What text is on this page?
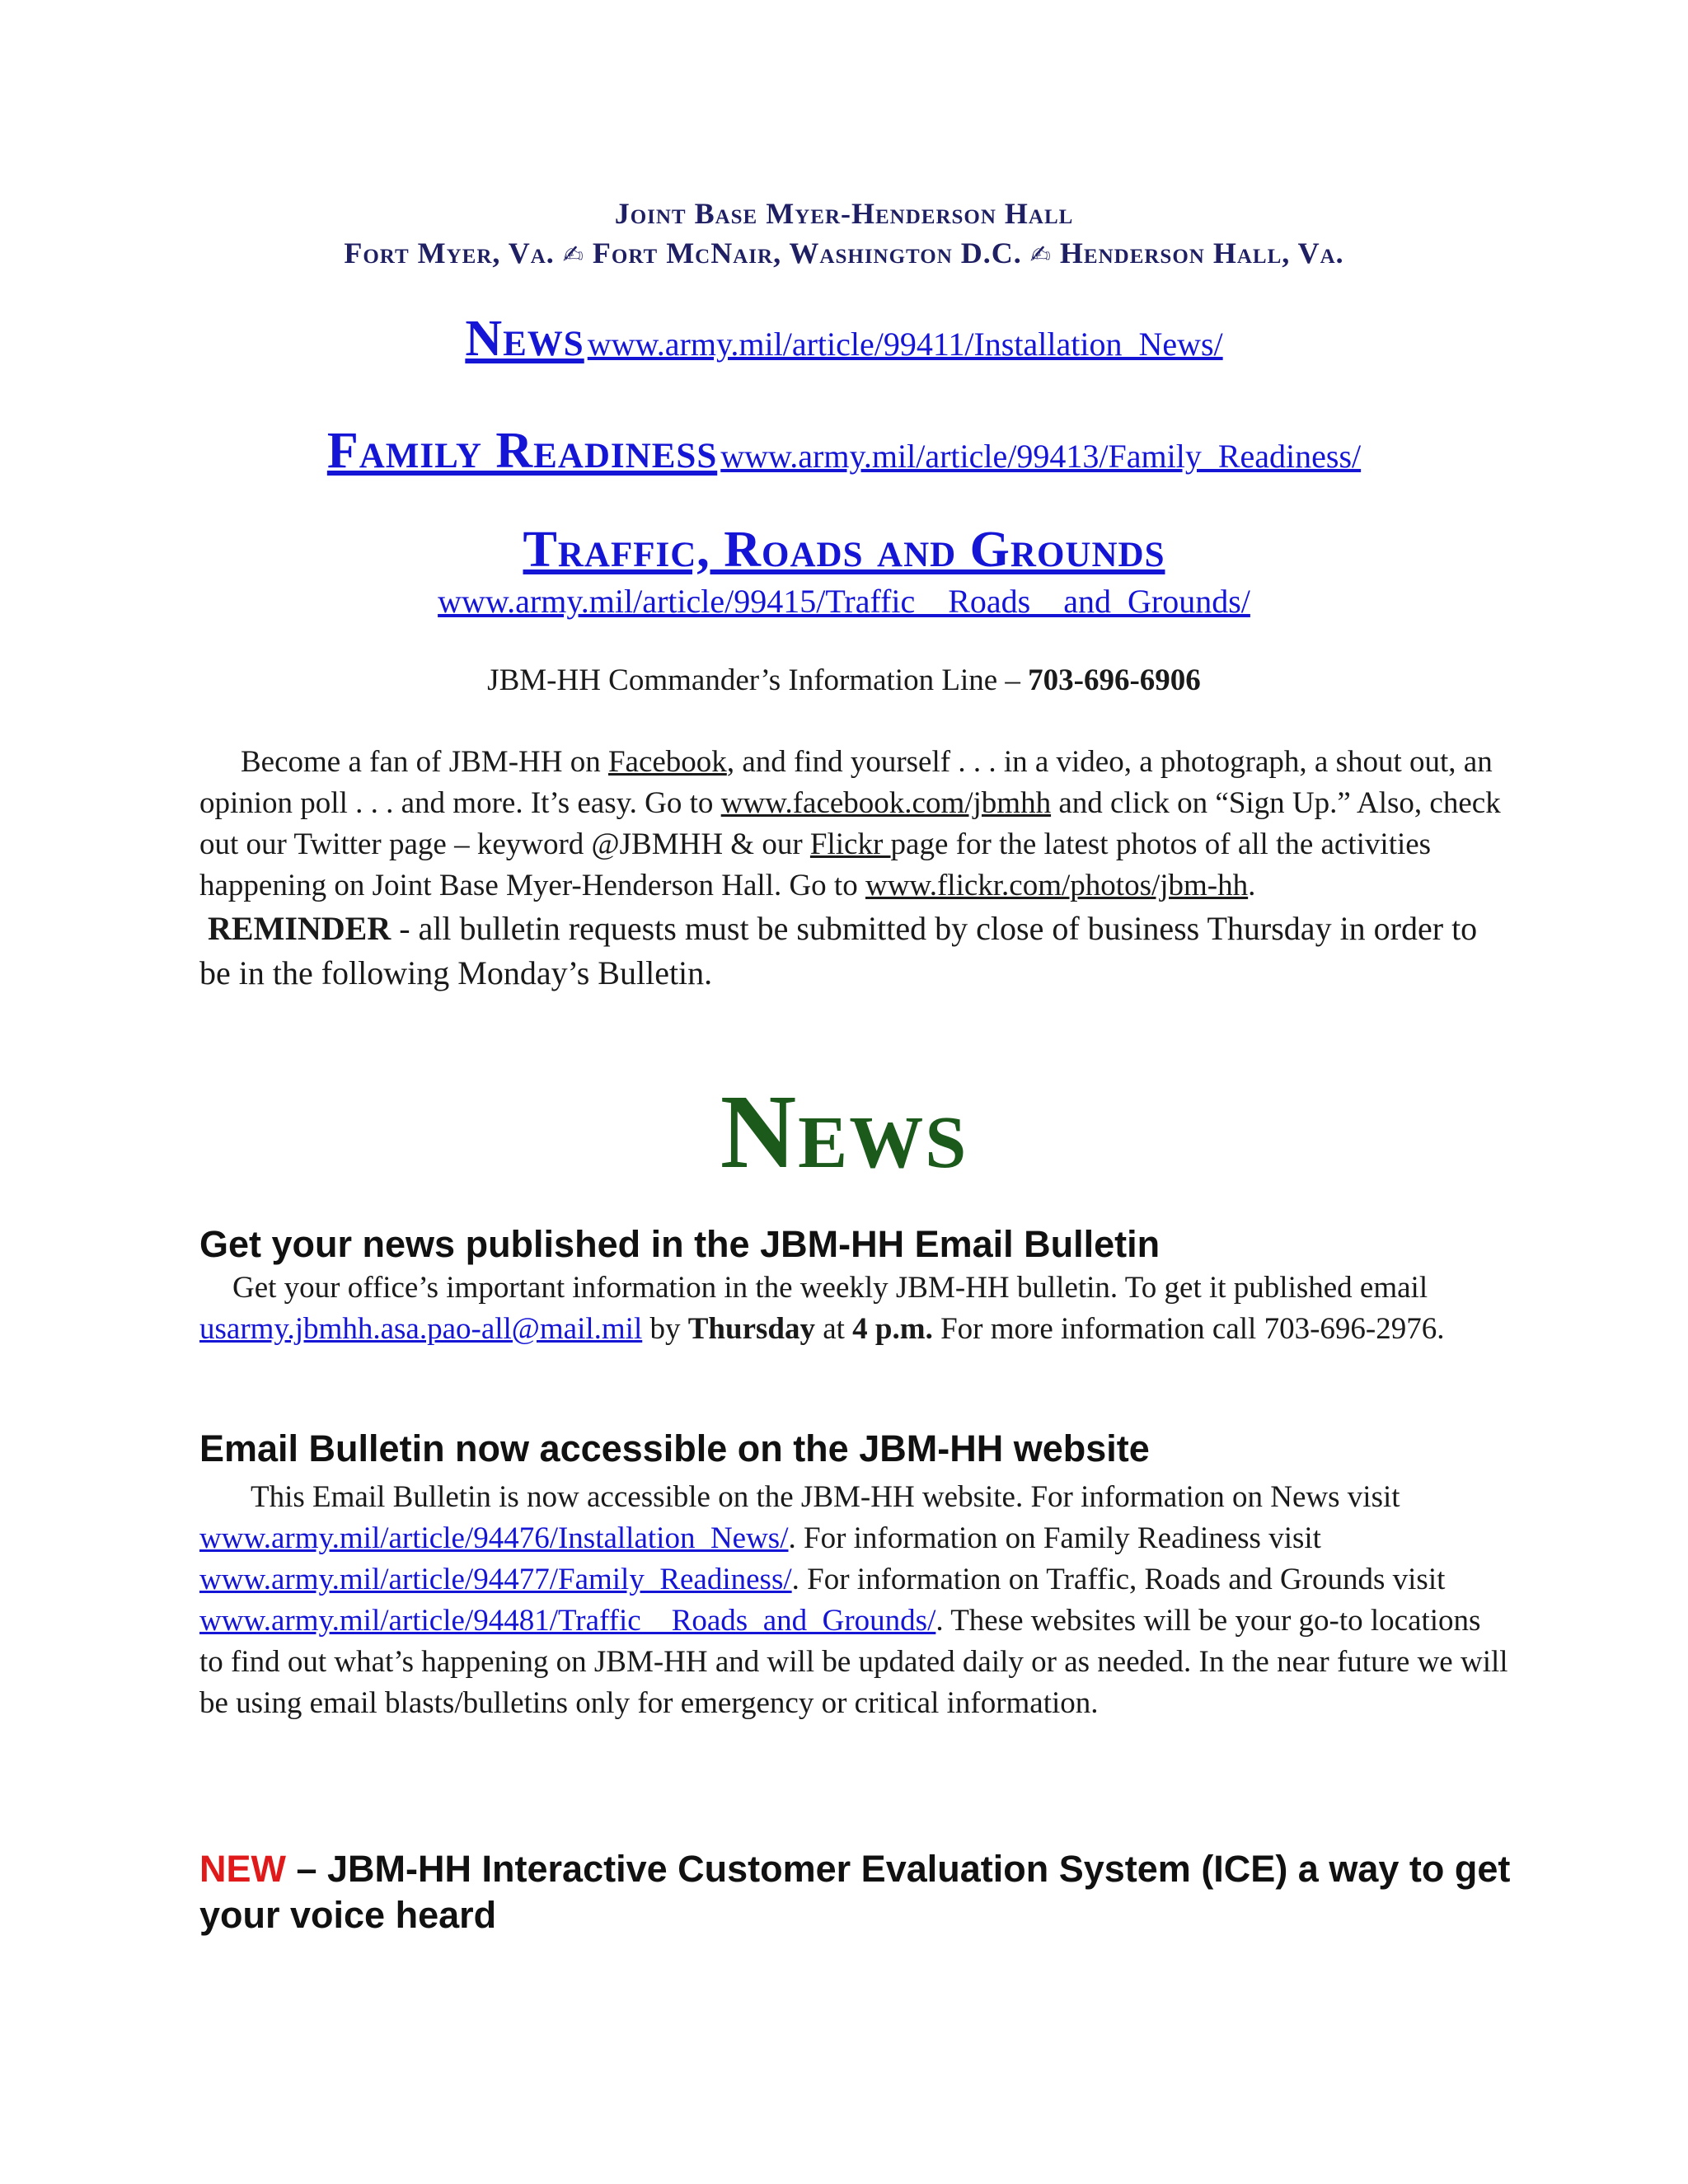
Joint Base Myer-Henderson Hall
Fort Myer, Va. ✍ Fort McNair, Washington D.C. ✍ Henderson Hall, Va.
News www.army.mil/article/99411/Installation_News/
Family Readiness www.army.mil/article/99413/Family_Readiness/
Traffic, Roads and Grounds
www.army.mil/article/99415/Traffic__Roads__and_Grounds/
JBM-HH Commander’s Information Line – 703-696-6906
Become a fan of JBM-HH on Facebook, and find yourself . . . in a video, a photograph, a shout out, an opinion poll . . . and more. It’s easy. Go to www.facebook.com/jbmhh and click on “Sign Up.” Also, check out our Twitter page – keyword @JBMHH & our Flickr page for the latest photos of all the activities happening on Joint Base Myer-Henderson Hall. Go to www.flickr.com/photos/jbm-hh.
REMINDER - all bulletin requests must be submitted by close of business Thursday in order to be in the following Monday’s Bulletin.
News
Get your news published in the JBM-HH Email Bulletin
Get your office’s important information in the weekly JBM-HH bulletin. To get it published email usarmy.jbmhh.asa.pao-all@mail.mil by Thursday at 4 p.m. For more information call 703-696-2976.
Email Bulletin now accessible on the JBM-HH website
This Email Bulletin is now accessible on the JBM-HH website. For information on News visit www.army.mil/article/94476/Installation_News/. For information on Family Readiness visit www.army.mil/article/94477/Family_Readiness/. For information on Traffic, Roads and Grounds visit www.army.mil/article/94481/Traffic__Roads_and_Grounds/. These websites will be your go-to locations to find out what’s happening on JBM-HH and will be updated daily or as needed. In the near future we will be using email blasts/bulletins only for emergency or critical information.
NEW – JBM-HH Interactive Customer Evaluation System (ICE) a way to get your voice heard
